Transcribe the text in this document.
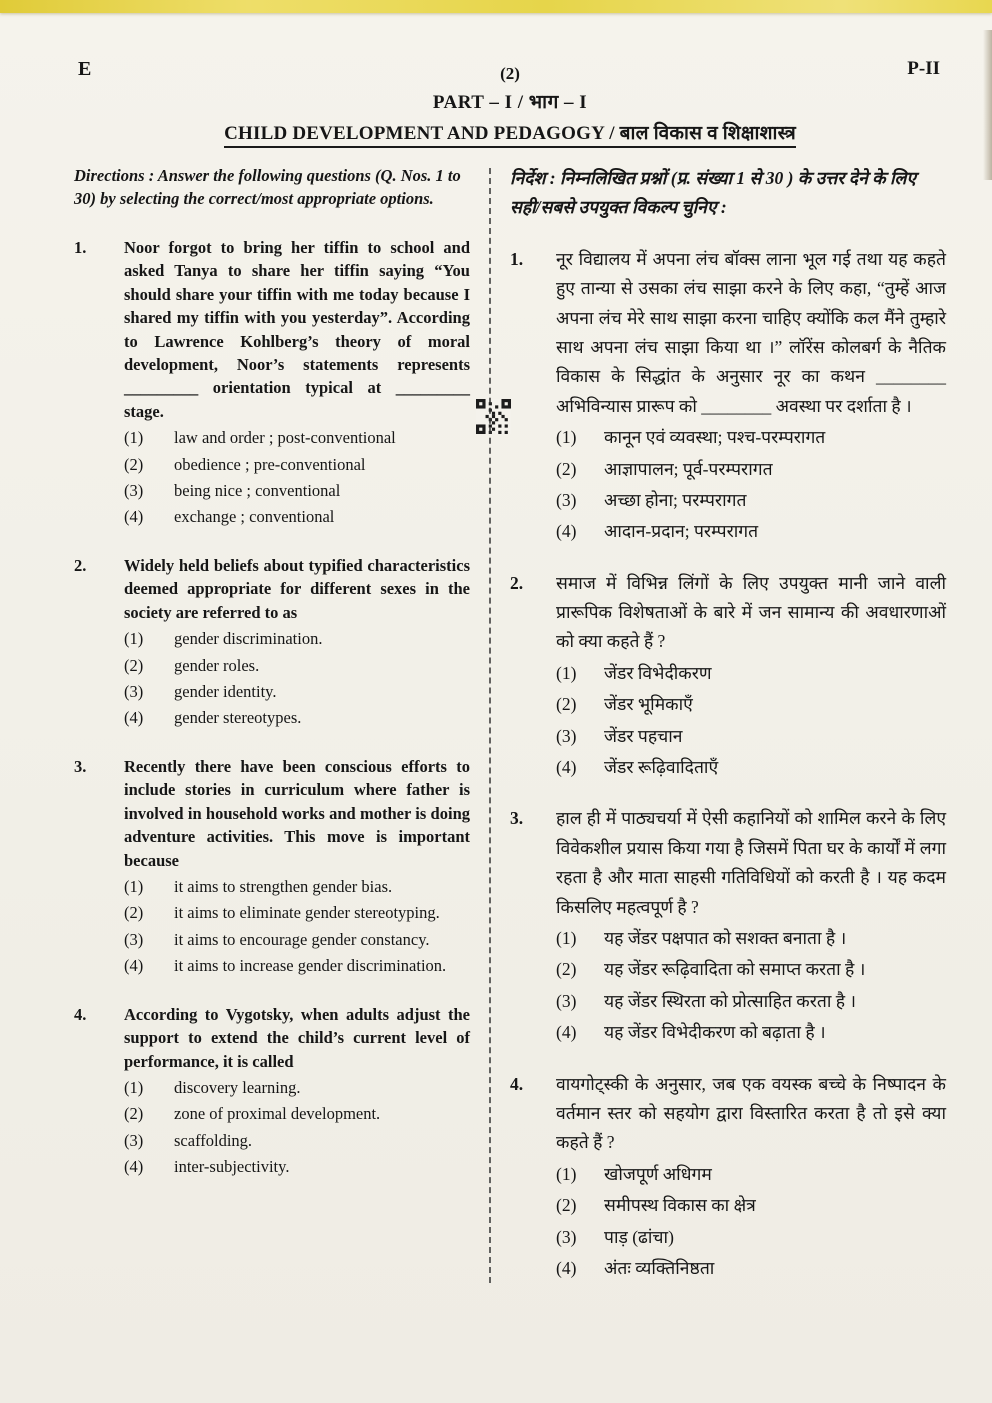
E	(2)	P-II
PART – I / भाग – I
CHILD DEVELOPMENT AND PEDAGOGY / बाल विकास व शिक्षाशास्त्र

Directions : Answer the following questions (Q. Nos. 1 to 30) by selecting the correct/most appropriate options.

1.	Noor forgot to bring her tiffin to school and asked Tanya to share her tiffin saying “You should share your tiffin with me today because I shared my tiffin with you yesterday”. According to Lawrence Kohlberg’s theory of moral development, Noor’s statements represents _________ orientation typical at _________ stage.

(1)	law and order ; post-conventional
(2)	obedience ; pre-conventional
(3)	being nice ; conventional
(4)	exchange ; conventional
2.	Widely held beliefs about typified characteristics deemed appropriate for different sexes in the society are referred to as

(1)	gender discrimination.
(2)	gender roles.
(3)	gender identity.
(4)	gender stereotypes.
3.	Recently there have been conscious efforts to include stories in curriculum where father is involved in household works and mother is doing adventure activities. This move is important because

(1)	it aims to strengthen gender bias.
(2)	it aims to eliminate gender stereotyping.
(3)	it aims to encourage gender constancy.
(4)	it aims to increase gender discrimination.
4.	According to Vygotsky, when adults adjust the support to extend the child’s current level of performance, it is called

(1)	discovery learning.
(2)	zone of proximal development.
(3)	scaffolding.
(4)	inter-subjectivity.

निर्देश : निम्नलिखित प्रश्नों (प्र. संख्या 1 से 30 ) के उत्तर देने के लिए सही/सबसे उपयुक्त विकल्प चुनिए :

1.	नूर विद्यालय में अपना लंच बॉक्स लाना भूल गई तथा यह कहते हुए तान्या से उसका लंच साझा करने के लिए कहा, “तुम्हें आज अपना लंच मेरे साथ साझा करना चाहिए क्योंकि कल मैंने तुम्हारे साथ अपना लंच साझा किया था ।” लॉरेंस कोलबर्ग के नैतिक विकास के सिद्धांत के अनुसार नूर का कथन ________ अभिविन्यास प्रारूप को ________ अवस्था पर दर्शाता है ।

(1)	कानून एवं व्यवस्था; पश्च-परम्परागत
(2)	आज्ञापालन; पूर्व-परम्परागत
(3)	अच्छा होना; परम्परागत
(4)	आदान-प्रदान; परम्परागत
2.	समाज में विभिन्न लिंगों के लिए उपयुक्त मानी जाने वाली प्रारूपिक विशेषताओं के बारे में जन सामान्य की अवधारणाओं को क्या कहते हैं ?

(1)	जेंडर विभेदीकरण
(2)	जेंडर भूमिकाएँ
(3)	जेंडर पहचान
(4)	जेंडर रूढ़िवादिताएँ
3.	हाल ही में पाठ्यचर्या में ऐसी कहानियों को शामिल करने के लिए विवेकशील प्रयास किया गया है जिसमें पिता घर के कार्यों में लगा रहता है और माता साहसी गतिविधियों को करती है । यह कदम किसलिए महत्वपूर्ण है ?

(1)	यह जेंडर पक्षपात को सशक्त बनाता है ।
(2)	यह जेंडर रूढ़िवादिता को समाप्त करता है ।
(3)	यह जेंडर स्थिरता को प्रोत्साहित करता है ।
(4)	यह जेंडर विभेदीकरण को बढ़ाता है ।
4.	वायगोट्स्की के अनुसार, जब एक वयस्क बच्चे के निष्पादन के वर्तमान स्तर को सहयोग द्वारा विस्तारित करता है तो इसे क्या कहते हैं ?

(1)	खोजपूर्ण अधिगम
(2)	समीपस्थ विकास का क्षेत्र
(3)	पाड़ (ढांचा)
(4)	अंतः व्यक्तिनिष्ठता
